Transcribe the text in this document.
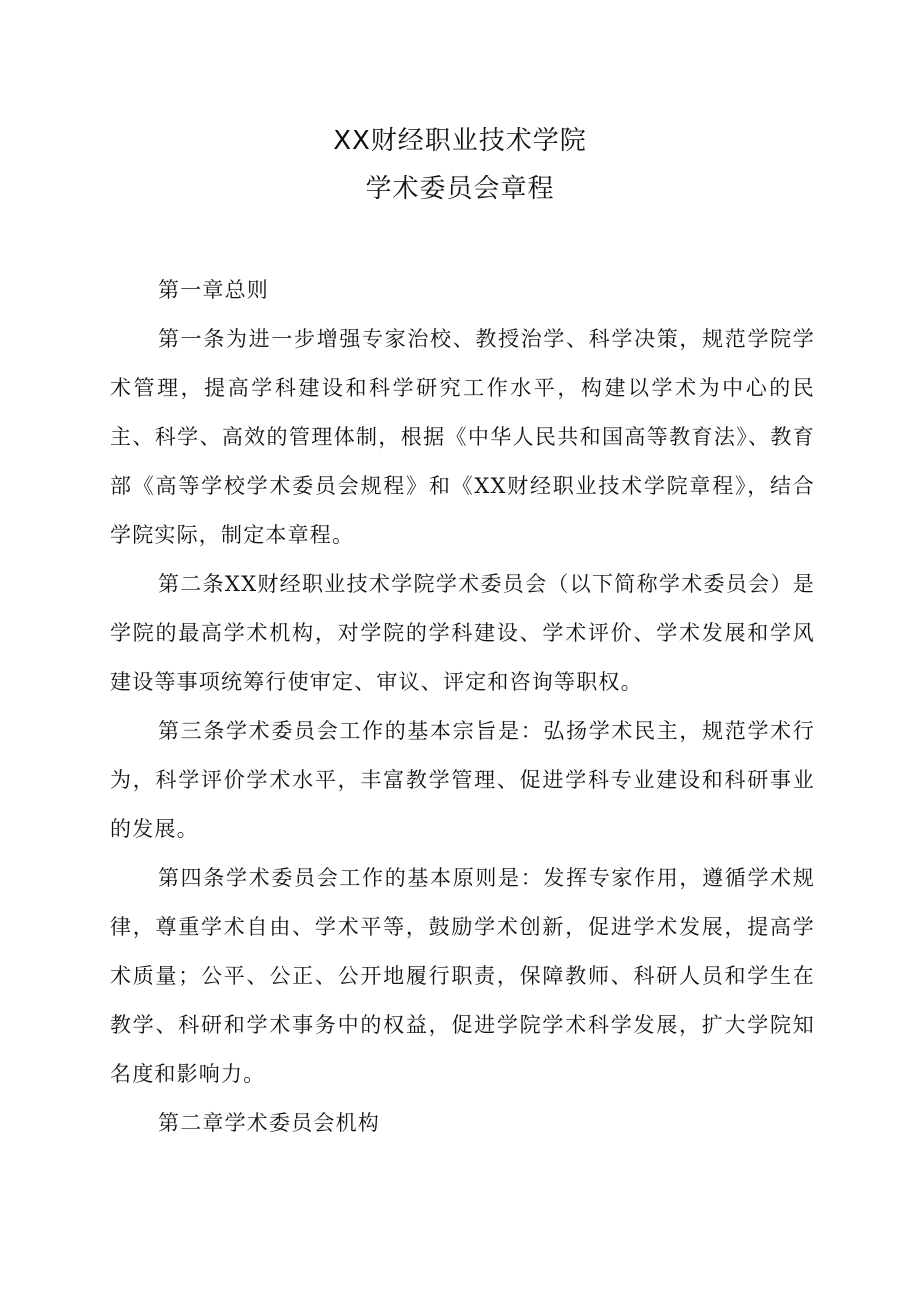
XX财经职业技术学院
学术委员会章程

第一章总则

第一条为进一步增强专家治校、教授治学、科学决策，规范学院学术管理，提高学科建设和科学研究工作水平，构建以学术为中心的民主、科学、高效的管理体制，根据《中华人民共和国高等教育法》、教育部《高等学校学术委员会规程》和《XX财经职业技术学院章程》，结合学院实际，制定本章程。

第二条XX财经职业技术学院学术委员会（以下简称学术委员会）是学院的最高学术机构，对学院的学科建设、学术评价、学术发展和学风建设等事项统筹行使审定、审议、评定和咨询等职权。

第三条学术委员会工作的基本宗旨是：弘扬学术民主，规范学术行为，科学评价学术水平，丰富教学管理、促进学科专业建设和科研事业的发展。

第四条学术委员会工作的基本原则是：发挥专家作用，遵循学术规律，尊重学术自由、学术平等，鼓励学术创新，促进学术发展，提高学术质量；公平、公正、公开地履行职责，保障教师、科研人员和学生在教学、科研和学术事务中的权益，促进学院学术科学发展，扩大学院知名度和影响力。

第二章学术委员会机构
